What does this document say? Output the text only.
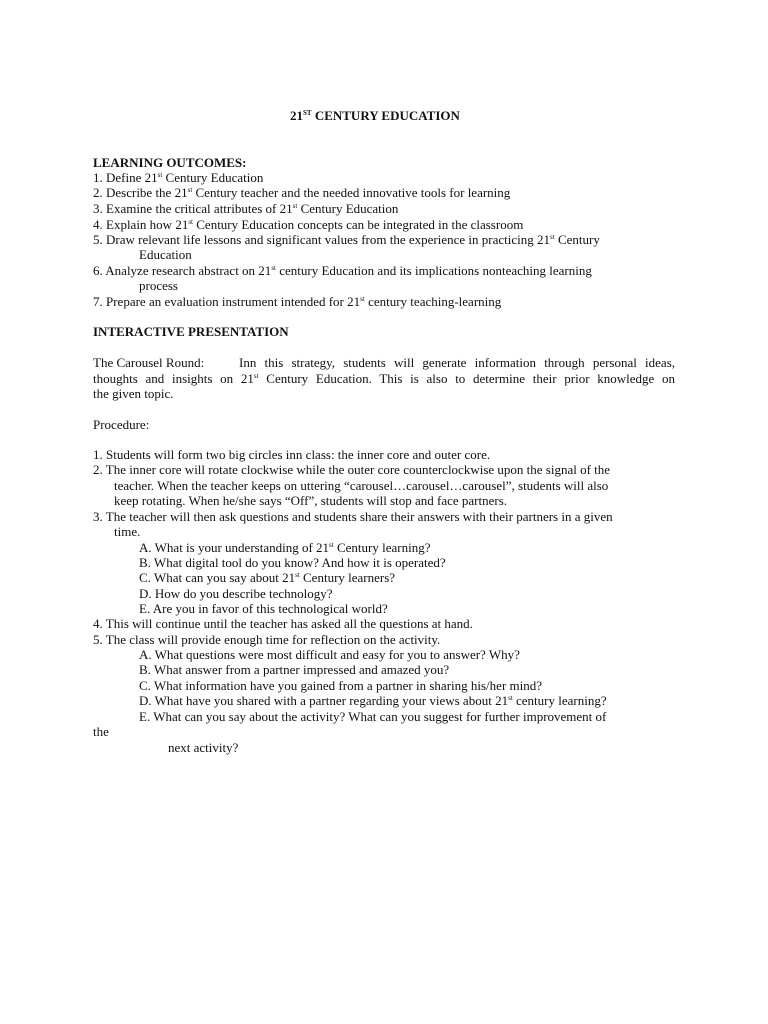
21ST CENTURY EDUCATION
LEARNING OUTCOMES:
1. Define 21st Century Education
2. Describe the 21st Century teacher and the needed innovative tools for learning
3. Examine the critical attributes of 21st Century Education
4. Explain how 21st Century Education concepts can be integrated in the classroom
5. Draw relevant life lessons and significant values from the experience in practicing 21st Century
Education
6. Analyze research abstract on 21st century Education and its implications nonteaching learning
process
7. Prepare an evaluation instrument intended for 21st century teaching-learning
INTERACTIVE PRESENTATION
The Carousel Round:	Inn this strategy, students will generate information through personal ideas,
thoughts and insights on 21st Century Education. This is also to determine their prior knowledge on
the given topic.
Procedure:
1. Students will form two big circles inn class: the inner core and outer core.
2. The inner core will rotate clockwise while the outer core counterclockwise upon the signal of the
teacher. When the teacher keeps on uttering “carousel…carousel…carousel”, students will also
keep rotating. When he/she says “Off”, students will stop and face partners.
3. The teacher will then ask questions and students share their answers with their partners in a given
time.
A. What is your understanding of 21st Century learning?
B. What digital tool do you know? And how it is operated?
C. What can you say about 21st Century learners?
D. How do you describe technology?
E. Are you in favor of this technological world?
4. This will continue until the teacher has asked all the questions at hand.
5. The class will provide enough time for reflection on the activity.
A. What questions were most difficult and easy for you to answer? Why?
B. What answer from a partner impressed and amazed you?
C. What information have you gained from a partner in sharing his/her mind?
D. What have you shared with a partner regarding your views about 21st century learning?
E. What can you say about the activity? What can you suggest for further improvement of
the
next activity?
